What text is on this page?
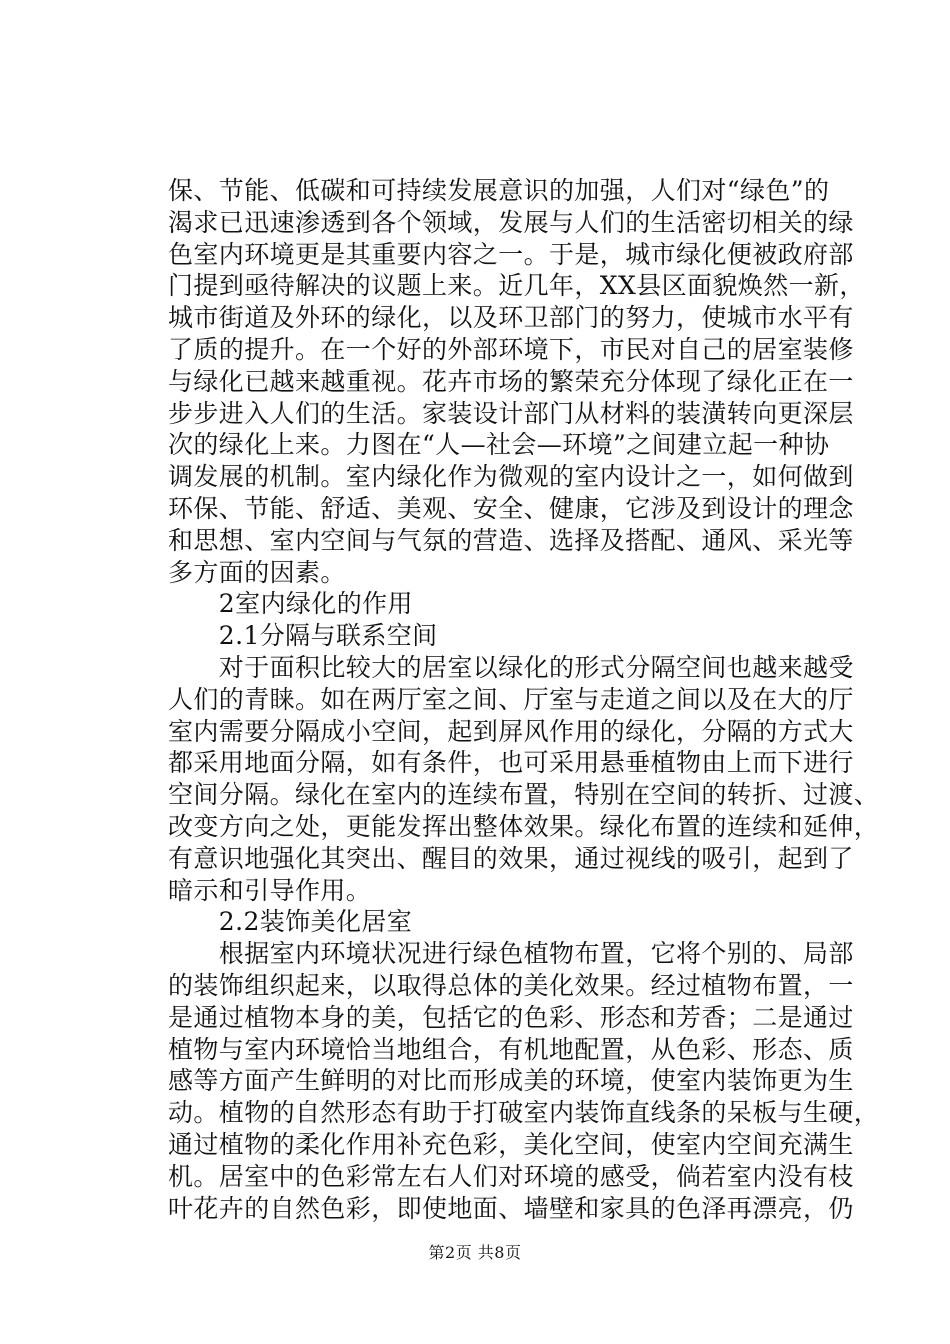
保、节能、低碳和可持续发展意识的加强，人们对“绿色”的
渴求已迅速渗透到各个领域，发展与人们的生活密切相关的绿
色室内环境更是其重要内容之一。于是，城市绿化便被政府部
门提到亟待解决的议题上来。近几年，XX县区面貌焕然一新，
城市街道及外环的绿化，以及环卫部门的努力，使城市水平有
了质的提升。在一个好的外部环境下，市民对自己的居室装修
与绿化已越来越重视。花卉市场的繁荣充分体现了绿化正在一
步步进入人们的生活。家装设计部门从材料的装潢转向更深层
次的绿化上来。力图在“人—社会—环境”之间建立起一种协
调发展的机制。室内绿化作为微观的室内设计之一，如何做到
环保、节能、舒适、美观、安全、健康，它涉及到设计的理念
和思想、室内空间与气氛的营造、选择及搭配、通风、采光等
多方面的因素。
　　2室内绿化的作用
　　2.1分隔与联系空间
　　对于面积比较大的居室以绿化的形式分隔空间也越来越受
人们的青睐。如在两厅室之间、厅室与走道之间以及在大的厅
室内需要分隔成小空间，起到屏风作用的绿化，分隔的方式大
都采用地面分隔，如有条件，也可采用悬垂植物由上而下进行
空间分隔。绿化在室内的连续布置，特别在空间的转折、过渡、
改变方向之处，更能发挥出整体效果。绿化布置的连续和延伸，
有意识地强化其突出、醒目的效果，通过视线的吸引，起到了
暗示和引导作用。
　　2.2装饰美化居室
　　根据室内环境状况进行绿色植物布置，它将个别的、局部
的装饰组织起来，以取得总体的美化效果。经过植物布置，一
是通过植物本身的美，包括它的色彩、形态和芳香；二是通过
植物与室内环境恰当地组合，有机地配置，从色彩、形态、质
感等方面产生鲜明的对比而形成美的环境，使室内装饰更为生
动。植物的自然形态有助于打破室内装饰直线条的呆板与生硬，
通过植物的柔化作用补充色彩，美化空间，使室内空间充满生
机。居室中的色彩常左右人们对环境的感受，倘若室内没有枝
叶花卉的自然色彩，即使地面、墙壁和家具的色泽再漂亮，仍
第2页 共8页
